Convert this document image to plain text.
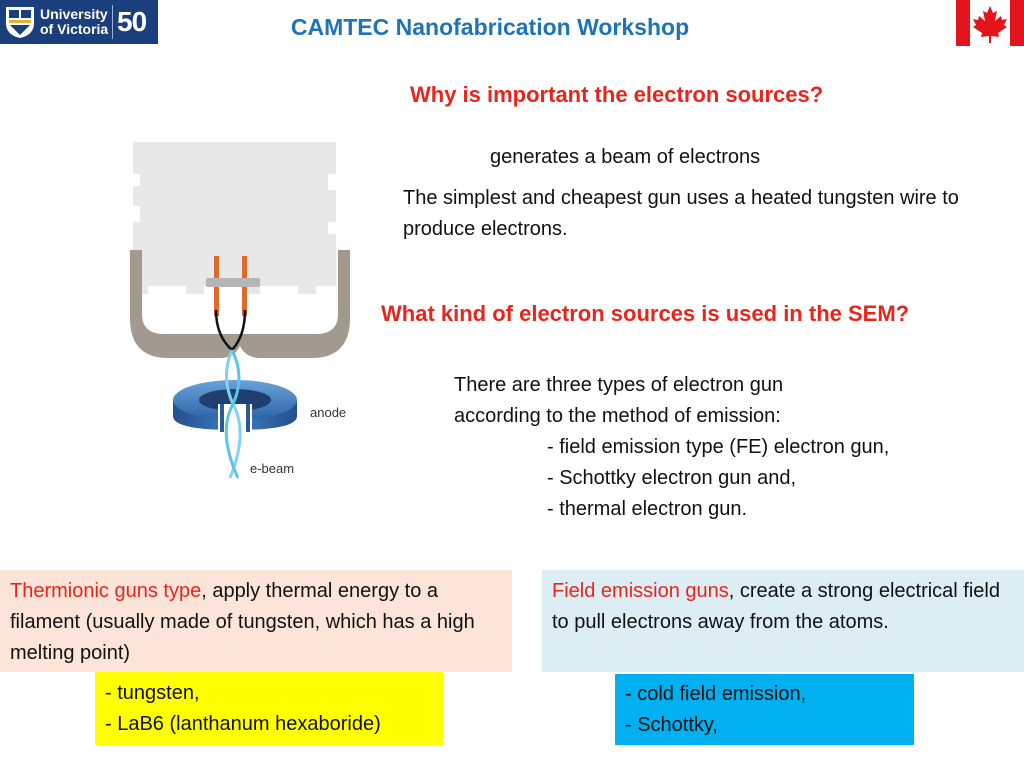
University of Victoria 50
YEARS
CAMTEC Nanofabrication Workshop
Why is important the electron sources?
generates a beam of electrons
The simplest and cheapest gun uses a heated tungsten wire to produce electrons.
What kind of electron sources is used in the SEM?
There are three types of electron gun
according to the method of emission:
- field emission type (FE) electron gun,
- Schottky electron gun and,
- thermal electron gun.
anode
e-beam
Thermionic guns type, apply thermal energy to a filament (usually made of tungsten, which has a high melting point)
Field emission guns, create a strong electrical field to pull electrons away from the atoms.
- tungsten,
- LaB6 (lanthanum hexaboride)
- cold field emission,
- Schottky,
